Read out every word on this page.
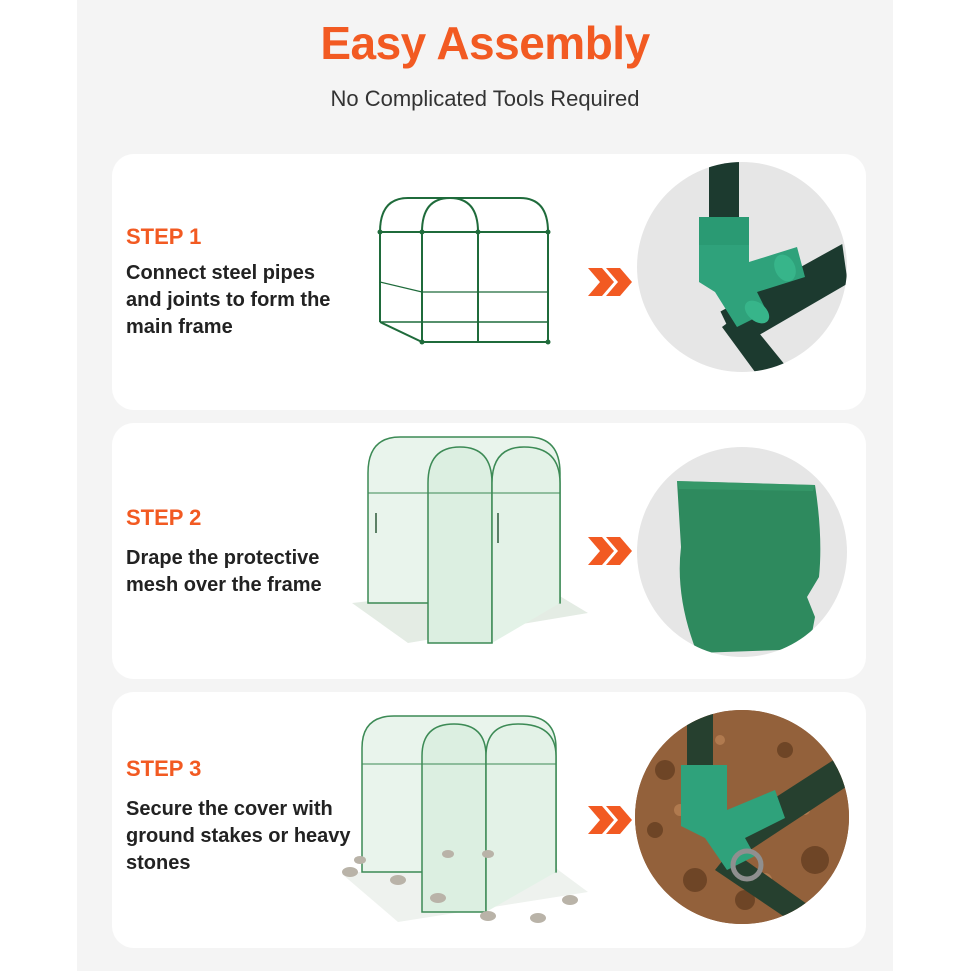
Easy Assembly
No Complicated Tools Required
STEP 1
Connect steel pipes and joints to form the main frame
STEP 2
Drape the protective mesh over the frame
STEP 3
Secure the cover with ground stakes or heavy stones
